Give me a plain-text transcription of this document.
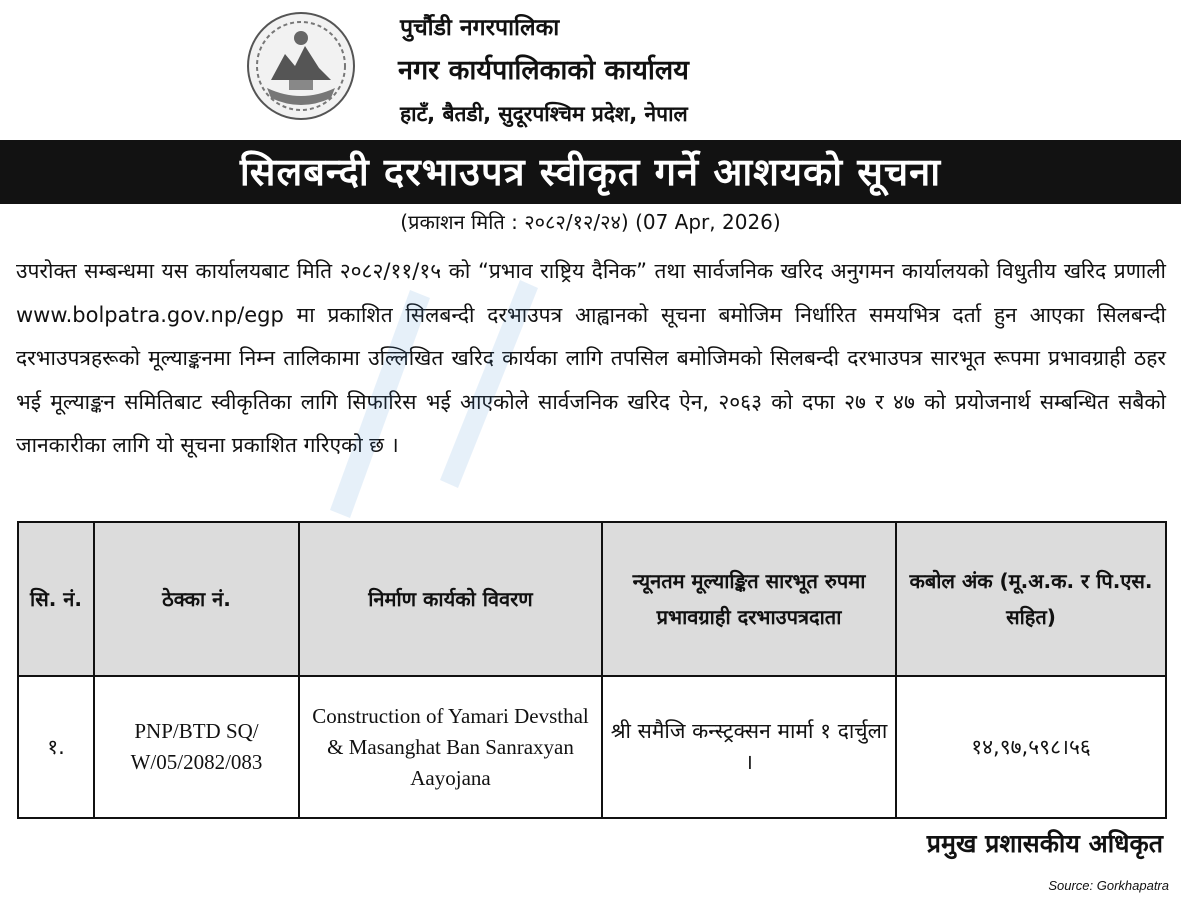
पुर्चौडी नगरपालिका
नगर कार्यपालिकाको कार्यालय
हाटँ, बैतडी, सुदूरपश्चिम प्रदेश, नेपाल
सिलबन्दी दरभाउपत्र स्वीकृत गर्ने आशयको सूचना
(प्रकाशन मिति : २०८२/१२/२४) (07 Apr, 2026)
उपरोक्त सम्बन्धमा यस कार्यालयबाट मिति २०८२/११/१५ को “प्रभाव राष्ट्रिय दैनिक” तथा सार्वजनिक खरिद अनुगमन कार्यालयको विधुतीय खरिद प्रणाली www.bolpatra.gov.np/egp मा प्रकाशित सिलबन्दी दरभाउपत्र आह्वानको सूचना बमोजिम निर्धारित समयभित्र दर्ता हुन आएका सिलबन्दी दरभाउपत्रहरूको मूल्याङ्कनमा निम्न तालिकामा उल्लिखित खरिद कार्यका लागि तपसिल बमोजिमको सिलबन्दी दरभाउपत्र सारभूत रूपमा प्रभावग्राही ठहर भई मूल्याङ्कन समितिबाट स्वीकृतिका लागि सिफारिस भई आएकोले सार्वजनिक खरिद ऐन, २०६३ को दफा २७ र ४७ को प्रयोजनार्थ सम्बन्धित सबैको जानकारीका लागि यो सूचना प्रकाशित गरिएको छ ।
सि. नं.	ठेक्का नं.	निर्माण कार्यको विवरण	न्यूनतम मूल्याङ्कित सारभूत रुपमा प्रभावग्राही दरभाउपत्रदाता	कबोल अंक (मू.अ.क. र पि.एस. सहित)
१.	PNP/BTD SQ/ W/05/2082/083	Construction of Yamari Devsthal & Masanghat Ban Sanraxyan Aayojana	श्री समैजि कन्स्ट्रक्सन मार्मा १ दार्चुला ।	१४,९७,५९८।५६
प्रमुख प्रशासकीय अधिकृत
Source: Gorkhapatra
